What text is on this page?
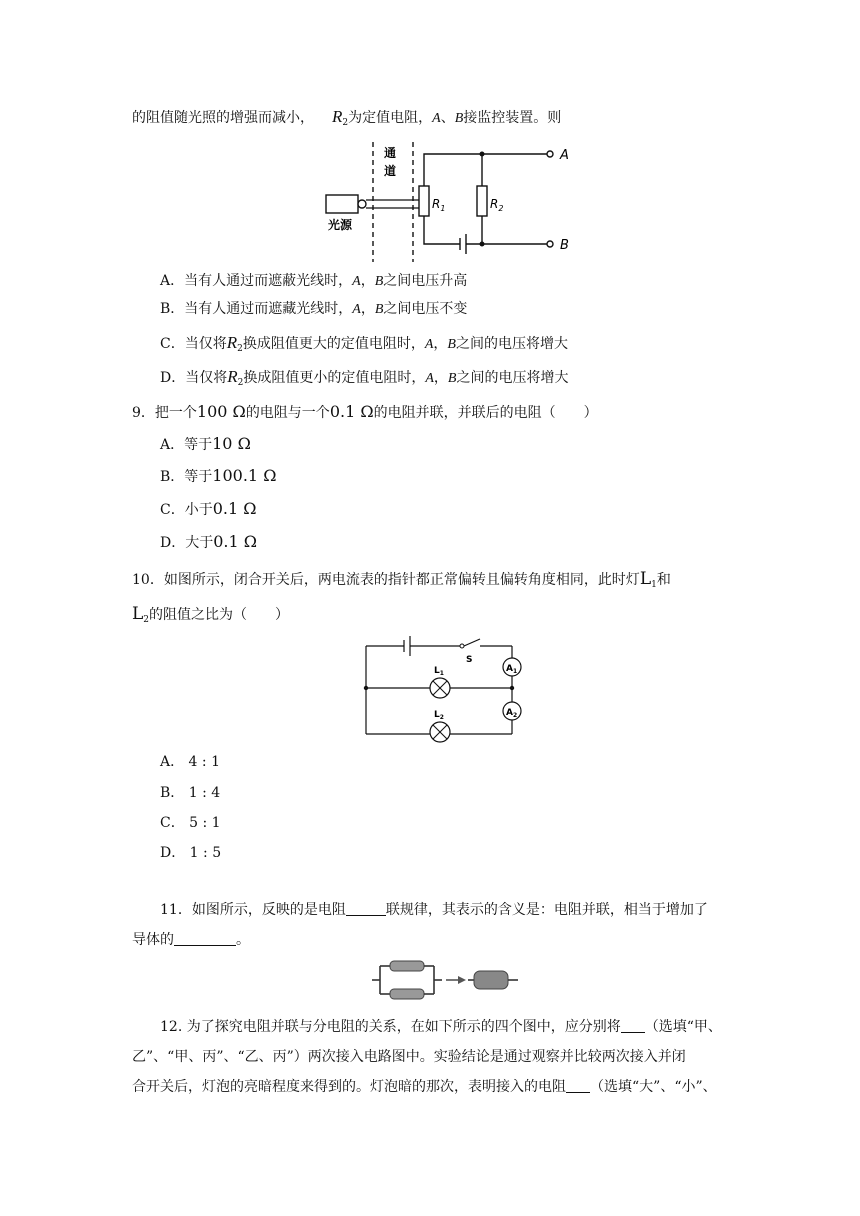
的阻值随光照的增强而减小， $R_2$为定值电阻，A、B接监控装置。则
通
道
光源
$R_1$	$R_2$
A
B
A．当有人通过而遮蔽光线时，A，B之间电压升高
B．当有人通过而遮藏光线时，A，B之间电压不变
C．当仅将$R_2$换成阻值更大的定值电阻时，A，B之间的电压将增大
D．当仅将$R_2$换成阻值更小的定值电阻时，A，B之间的电压将增大
9．把一个100 Ω的电阻与一个0.1 Ω的电阻并联，并联后的电阻（　　）
A．等于10 Ω
B．等于100.1 Ω
C．小于0.1 Ω
D．大于0.1 Ω
10．如图所示，闭合开关后，两电流表的指针都正常偏转且偏转角度相同，此时灯$L_1$和
$L_2$的阻值之比为（　　）
S
$A_1$
$A_2$
$L_1$
$L_2$
A． 4 : 1
B． 1 : 4
C． 5 : 1
D． 1 : 5
11．如图所示，反映的是电阻	联规律，其表示的含义是：电阻并联，相当于增加了
导体的	。
12. 为了探究电阻并联与分电阻的关系，在如下所示的四个图中，应分别将 （选填“甲、
乙”、“甲、丙”、“乙、丙”）两次接入电路图中。实验结论是通过观察并比较两次接入并闭
合开关后，灯泡的亮暗程度来得到的。灯泡暗的那次，表明接入的电阻 （选填“大”、“小”、
